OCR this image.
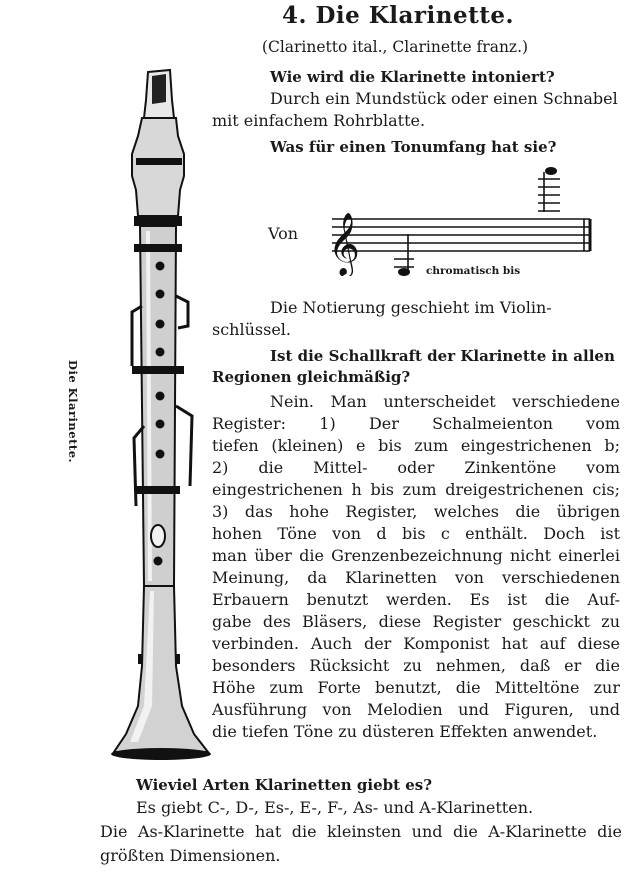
4. Die Klarinette.
(Clarinetto ital., Clarinette franz.)
Die Klarinette.
Wie wird die Klarinette intoniert?
Durch ein Mundstück oder einen Schnabel
mit einfachem Rohrblatte.
Was für einen Tonumfang hat sie?
𝄞
Von
chromatisch bis
Die Notierung geschieht im Violin-
schlüssel.
Ist die Schallkraft der Klarinette in allen
Regionen gleichmäßig?
Nein. Man unterscheidet verschiedene
Register: 1) Der Schalmeienton vom
tiefen (kleinen) e bis zum eingestrichenen b;
2) die Mittel- oder Zinkentöne vom
eingestrichenen h bis zum dreigestrichenen cis;
3) das hohe Register, welches die übrigen
hohen Töne von d bis c enthält. Doch ist
man über die Grenzenbezeichnung nicht einerlei
Meinung, da Klarinetten von verschiedenen
Erbauern benutzt werden. Es ist die Auf-
gabe des Bläsers, diese Register geschickt zu
verbinden. Auch der Komponist hat auf diese
besonders Rücksicht zu nehmen, daß er die
Höhe zum Forte benutzt, die Mitteltöne zur
Ausführung von Melodien und Figuren, und
die tiefen Töne zu düsteren Effekten anwendet.
Wieviel Arten Klarinetten giebt es?
Es giebt C-, D-, Es-, E-, F-, As- und A-Klarinetten.
Die As-Klarinette hat die kleinsten und die A-Klarinette die
größten Dimensionen.
